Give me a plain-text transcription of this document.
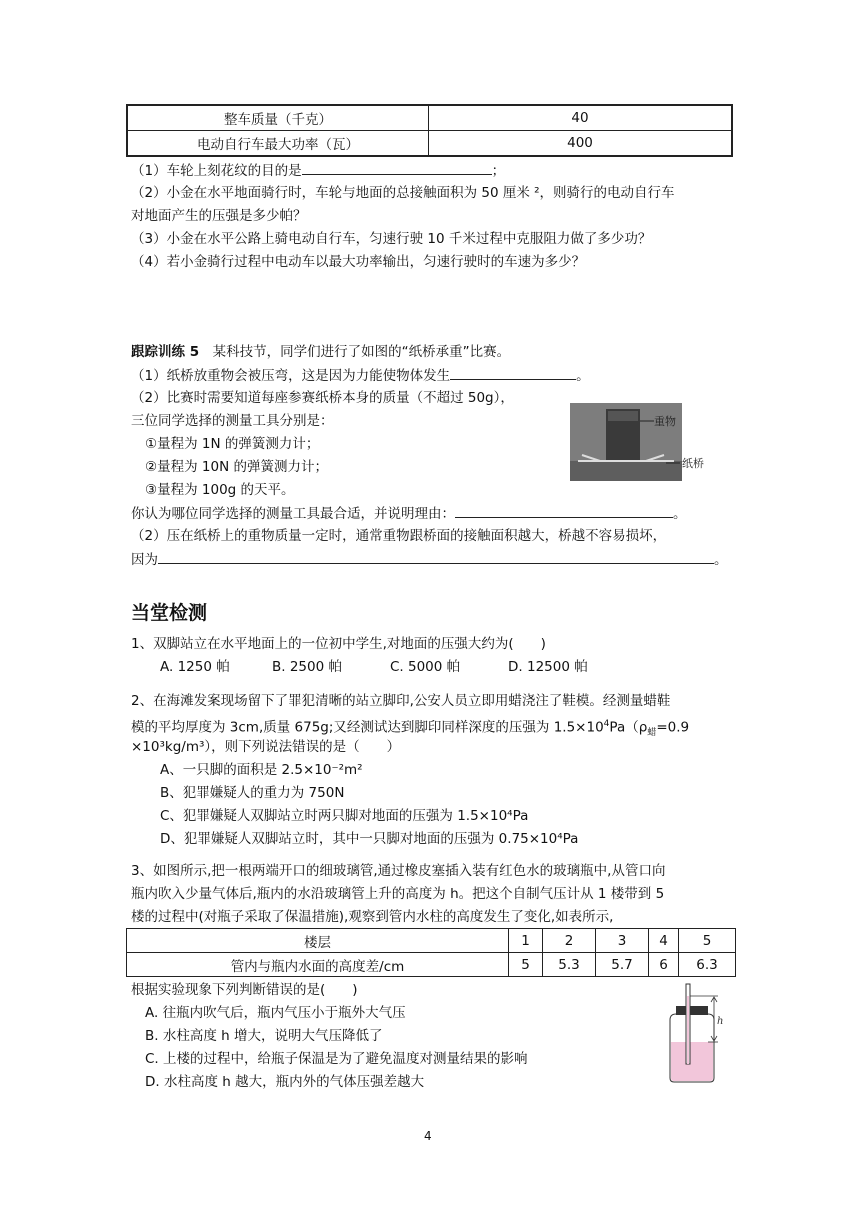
整车质量（千克）	40
电动自行车最大功率（瓦）	400
（1）车轮上刻花纹的目的是	；
（2）小金在水平地面骑行时，车轮与地面的总接触面积为 50 厘米 ²，则骑行的电动自行车
对地面产生的压强是多少帕？
（3）小金在水平公路上骑电动自行车，匀速行驶 10 千米过程中克服阻力做了多少功？
（4）若小金骑行过程中电动车以最大功率输出，匀速行驶时的车速为多少？
跟踪训练 5　某科技节，同学们进行了如图的“纸桥承重”比赛。
（1）纸桥放重物会被压弯，这是因为力能使物体发生	。
（2）比赛时需要知道每座参赛纸桥本身的质量（不超过 50g），
三位同学选择的测量工具分别是：
①量程为 1N 的弹簧测力计；
②量程为 10N 的弹簧测力计；
③量程为 100g 的天平。
你认为哪位同学选择的测量工具最合适，并说明理由：	。
（2）压在纸桥上的重物质量一定时，通常重物跟桥面的接触面积越大，桥越不容易损坏，
因为	。
重物
纸桥
当堂检测
1、双脚站立在水平地面上的一位初中学生,对地面的压强大约为(　　)
A. 1250 帕	B. 2500 帕	C. 5000 帕	D. 12500 帕
2、在海滩发案现场留下了罪犯清晰的站立脚印,公安人员立即用蜡浇注了鞋模。经测量蜡鞋
模的平均厚度为 3cm,质量 675g;又经测试达到脚印同样深度的压强为 $1.5\times 10^4Pa(\rho_蜡=0.9$
×10³kg/m³），则下列说法错误的是（　　）
A、一只脚的面积是 2.5×10⁻²m²
B、犯罪嫌疑人的重力为 750N
C、犯罪嫌疑人双脚站立时两只脚对地面的压强为 1.5×10⁴Pa
D、犯罪嫌疑人双脚站立时，其中一只脚对地面的压强为 0.75×10⁴Pa
3、如图所示,把一根两端开口的细玻璃管,通过橡皮塞插入装有红色水的玻璃瓶中,从管口向
瓶内吹入少量气体后,瓶内的水沿玻璃管上升的高度为 h。把这个自制气压计从 1 楼带到 5
楼的过程中(对瓶子采取了保温措施),观察到管内水柱的高度发生了变化,如表所示,
楼层	1	2	3	4	5
管内与瓶内水面的高度差/cm	5	5.3	5.7	6	6.3
根据实验现象下列判断错误的是(　　)
A. 往瓶内吹气后，瓶内气压小于瓶外大气压
B. 水柱高度 h 增大，说明大气压降低了
C. 上楼的过程中，给瓶子保温是为了避免温度对测量结果的影响
D. 水柱高度 h 越大，瓶内外的气体压强差越大
h
4
